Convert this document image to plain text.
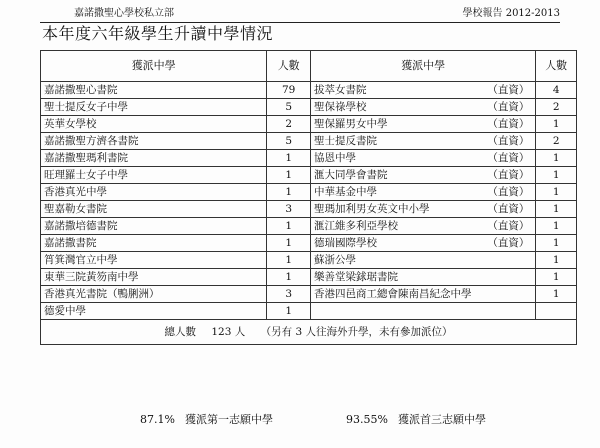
嘉諾撒聖心學校私立部	學校報告 2012-2013
本年度六年級學生升讀中學情況
獲派中學	人數	獲派中學	人數
嘉諾撒聖心書院	79	拔萃女書院 （直資）	4
聖士提反女子中學	5	聖保祿學校 （直資）	2
英華女學校	2	聖保羅男女中學 （直資）	1
嘉諾撒聖方濟各書院	5	聖士提反書院 （直資）	2
嘉諾撒聖瑪利書院	1	協恩中學 （直資）	1
旺理羅士女子中學	1	滙大同學會書院 （直資）	1
香港真光中學	1	中華基金中學 （直資）	1
聖嘉勒女書院	3	聖瑪加利男女英文中小學 （直資）	1
嘉諾撒培德書院	1	滙江維多利亞學校 （直資）	1
嘉諾撒書院	1	德瑞國際學校 （直資）	1
筲箕灣官立中學	1	蘇浙公學	1
東華三院黃笏南中學	1	樂善堂梁銶琚書院	1
香港真光書院（鴨脷洲）	3	香港四邑商工總會陳南昌紀念中學	1
德愛中學	1	

總人數 123 人 （另有 3 人往海外升學，未有參加派位）			
87.1% 獲派第一志願中學	93.55% 獲派首三志願中學
